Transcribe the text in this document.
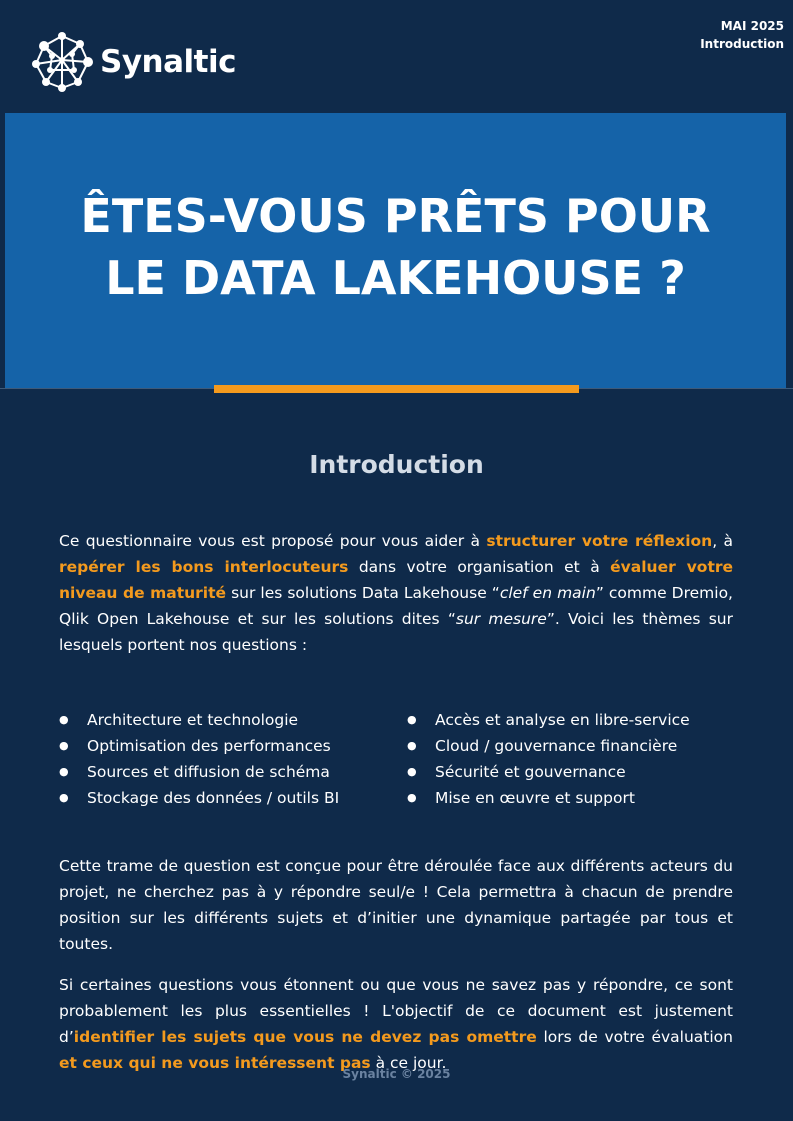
MAI 2025
Introduction
Synaltic
ÊTES-VOUS PRÊTS POUR
LE DATA LAKEHOUSE ?
Introduction

Ce questionnaire vous est proposé pour vous aider à structurer votre réflexion, à repérer les bons interlocuteurs dans votre organisation et à évaluer votre niveau de maturité sur les solutions Data Lakehouse “clef en main” comme Dremio, Qlik Open Lakehouse et sur les solutions dites “sur mesure”. Voici les thèmes sur lesquels portent nos questions :

● Architecture et technologie
● Optimisation des performances
● Sources et diffusion de schéma
● Stockage des données / outils BI
● Accès et analyse en libre-service
● Cloud / gouvernance financière
● Sécurité et gouvernance
● Mise en œuvre et support

Cette trame de question est conçue pour être déroulée face aux différents acteurs du projet, ne cherchez pas à y répondre seul/e ! Cela permettra à chacun de prendre position sur les différents sujets et d’initier une dynamique partagée par tous et toutes.

Si certaines questions vous étonnent ou que vous ne savez pas y répondre, ce sont probablement les plus essentielles ! L'objectif de ce document est justement d’identifier les sujets que vous ne devez pas omettre lors de votre évaluation et ceux qui ne vous intéressent pas à ce jour.

Synaltic © 2025
